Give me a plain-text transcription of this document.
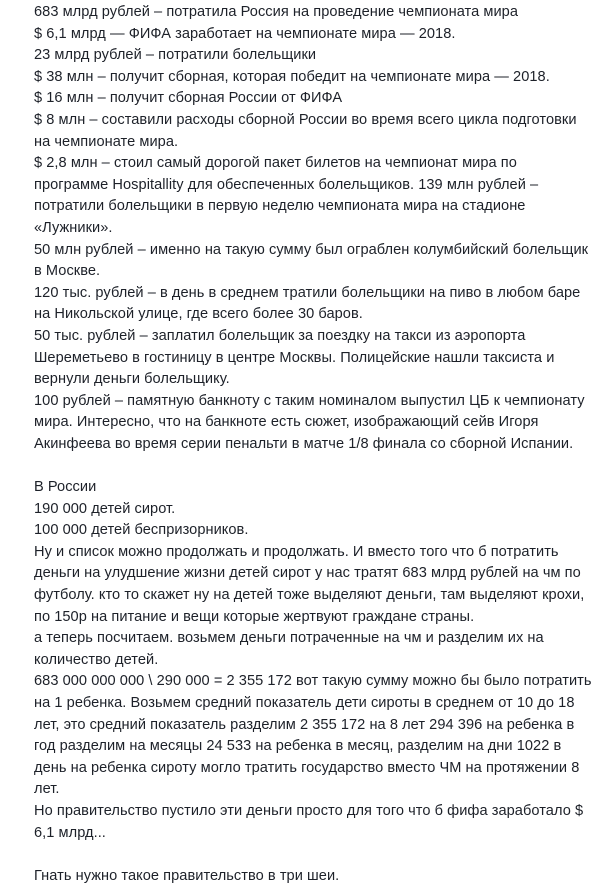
683 млрд рублей – потратила Россия на проведение чемпионата мира

$ 6,1 млрд — ФИФА заработает на чемпионате мира — 2018.

23 млрд рублей – потратили болельщики

$ 38 млн – получит сборная, которая победит на чемпионате мира — 2018.

$ 16 млн – получит сборная России от ФИФА

$ 8 млн – составили расходы сборной России во время всего цикла подготовки на чемпионате мира.

$ 2,8 млн – стоил самый дорогой пакет билетов на чемпионат мира по программе Hospitallity для обеспеченных болельщиков. 139 млн рублей – потратили болельщики в первую неделю чемпионата мира на стадионе «Лужники».

50 млн рублей – именно на такую сумму был ограблен колумбийский болельщик в Москве.

120 тыс. рублей – в день в среднем тратили болельщики на пиво в любом баре на Никольской улице, где всего более 30 баров.

50 тыс. рублей – заплатил болельщик за поездку на такси из аэропорта Шереметьево в гостиницу в центре Москвы. Полицейские нашли таксиста и вернули деньги болельщику.

100 рублей – памятную банкноту с таким номиналом выпустил ЦБ к чемпионату мира. Интересно, что на банкноте есть сюжет, изображающий сейв Игоря Акинфеева во время серии пенальти в матче 1/8 финала со сборной Испании.

В России

190 000 детей сирот.

100 000 детей беспризорников.

Ну и список можно продолжать и продолжать. И вместо того что б потратить деньги на улудшение жизни детей сирот у нас тратят 683 млрд рублей на чм по футболу. кто то скажет ну на детей тоже выделяют деньги, там выделяют крохи, по 150р на питание и вещи которые жертвуют граждане страны.

а теперь посчитаем. возьмем деньги потраченные на чм и разделим их на количество детей.

683 000 000 000 \ 290 000 = 2 355 172 вот такую сумму можно бы было потратить на 1 ребенка. Возьмем средний показатель дети сироты в среднем от 10 до 18 лет, это средний показатель разделим 2 355 172 на 8 лет 294 396 на ребенка в год разделим на месяцы 24 533 на ребенка в месяц, разделим на дни 1022 в день на ребенка сироту могло тратить государство вместо ЧМ на протяжении 8 лет.

Но правительство пустило эти деньги просто для того что б фифа заработало $ 6,1 млрд...

Гнать нужно такое правительство в три шеи.
